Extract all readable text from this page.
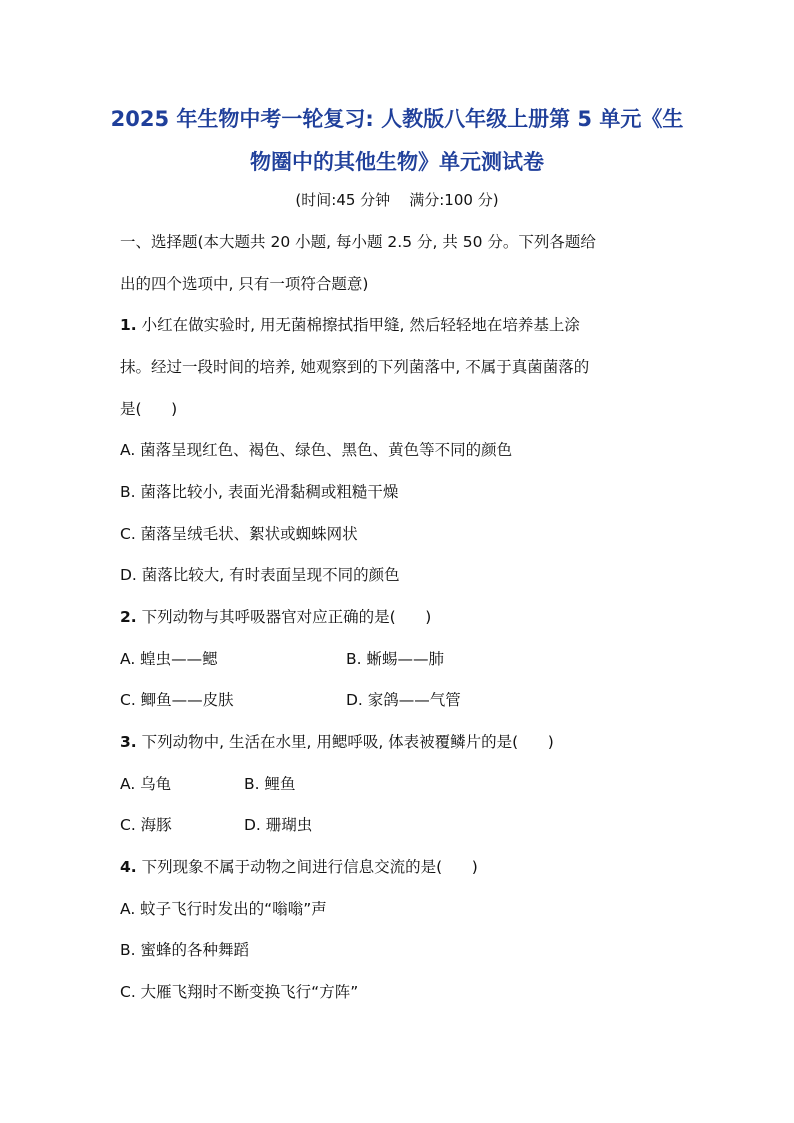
2025 年生物中考一轮复习: 人教版八年级上册第 5 单元《生
物圈中的其他生物》单元测试卷
(时间:45 分钟    满分:100 分)
一、选择题(本大题共 20 小题, 每小题 2.5 分, 共 50 分。下列各题给
出的四个选项中, 只有一项符合题意)
1. 小红在做实验时, 用无菌棉擦拭指甲缝, 然后轻轻地在培养基上涂
抹。经过一段时间的培养, 她观察到的下列菌落中, 不属于真菌菌落的
是(      )
A. 菌落呈现红色、褐色、绿色、黑色、黄色等不同的颜色
B. 菌落比较小, 表面光滑黏稠或粗糙干燥
C. 菌落呈绒毛状、絮状或蜘蛛网状
D. 菌落比较大, 有时表面呈现不同的颜色
2. 下列动物与其呼吸器官对应正确的是(      )
A. 蝗虫——鳃	B. 蜥蜴——肺
C. 鲫鱼——皮肤	D. 家鸽——气管
3. 下列动物中, 生活在水里, 用鳃呼吸, 体表被覆鳞片的是(      )
A. 乌龟	B. 鲤鱼
C. 海豚	D. 珊瑚虫
4. 下列现象不属于动物之间进行信息交流的是(      )
A. 蚊子飞行时发出的“嗡嗡”声
B. 蜜蜂的各种舞蹈
C. 大雁飞翔时不断变换飞行“方阵”
